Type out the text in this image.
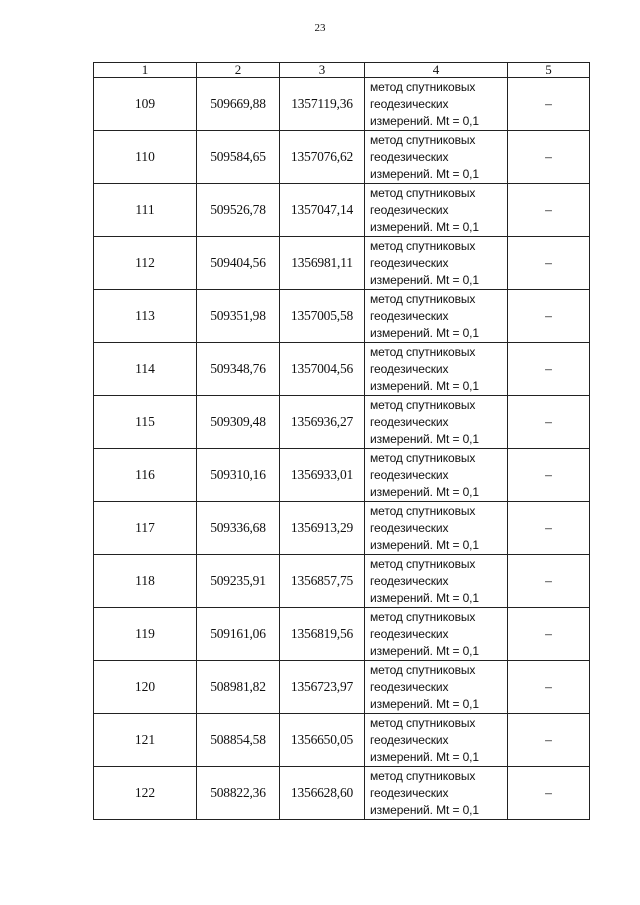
23
1	2	3	4	5
109	509669,88	1357119,36	метод спутниковых
геодезических
измерений. Mt = 0,1	–
110	509584,65	1357076,62	метод спутниковых
геодезических
измерений. Mt = 0,1	–
111	509526,78	1357047,14	метод спутниковых
геодезических
измерений. Mt = 0,1	–
112	509404,56	1356981,11	метод спутниковых
геодезических
измерений. Mt = 0,1	–
113	509351,98	1357005,58	метод спутниковых
геодезических
измерений. Mt = 0,1	–
114	509348,76	1357004,56	метод спутниковых
геодезических
измерений. Mt = 0,1	–
115	509309,48	1356936,27	метод спутниковых
геодезических
измерений. Mt = 0,1	–
116	509310,16	1356933,01	метод спутниковых
геодезических
измерений. Mt = 0,1	–
117	509336,68	1356913,29	метод спутниковых
геодезических
измерений. Mt = 0,1	–
118	509235,91	1356857,75	метод спутниковых
геодезических
измерений. Mt = 0,1	–
119	509161,06	1356819,56	метод спутниковых
геодезических
измерений. Mt = 0,1	–
120	508981,82	1356723,97	метод спутниковых
геодезических
измерений. Mt = 0,1	–
121	508854,58	1356650,05	метод спутниковых
геодезических
измерений. Mt = 0,1	–
122	508822,36	1356628,60	метод спутниковых
геодезических
измерений. Mt = 0,1	–
